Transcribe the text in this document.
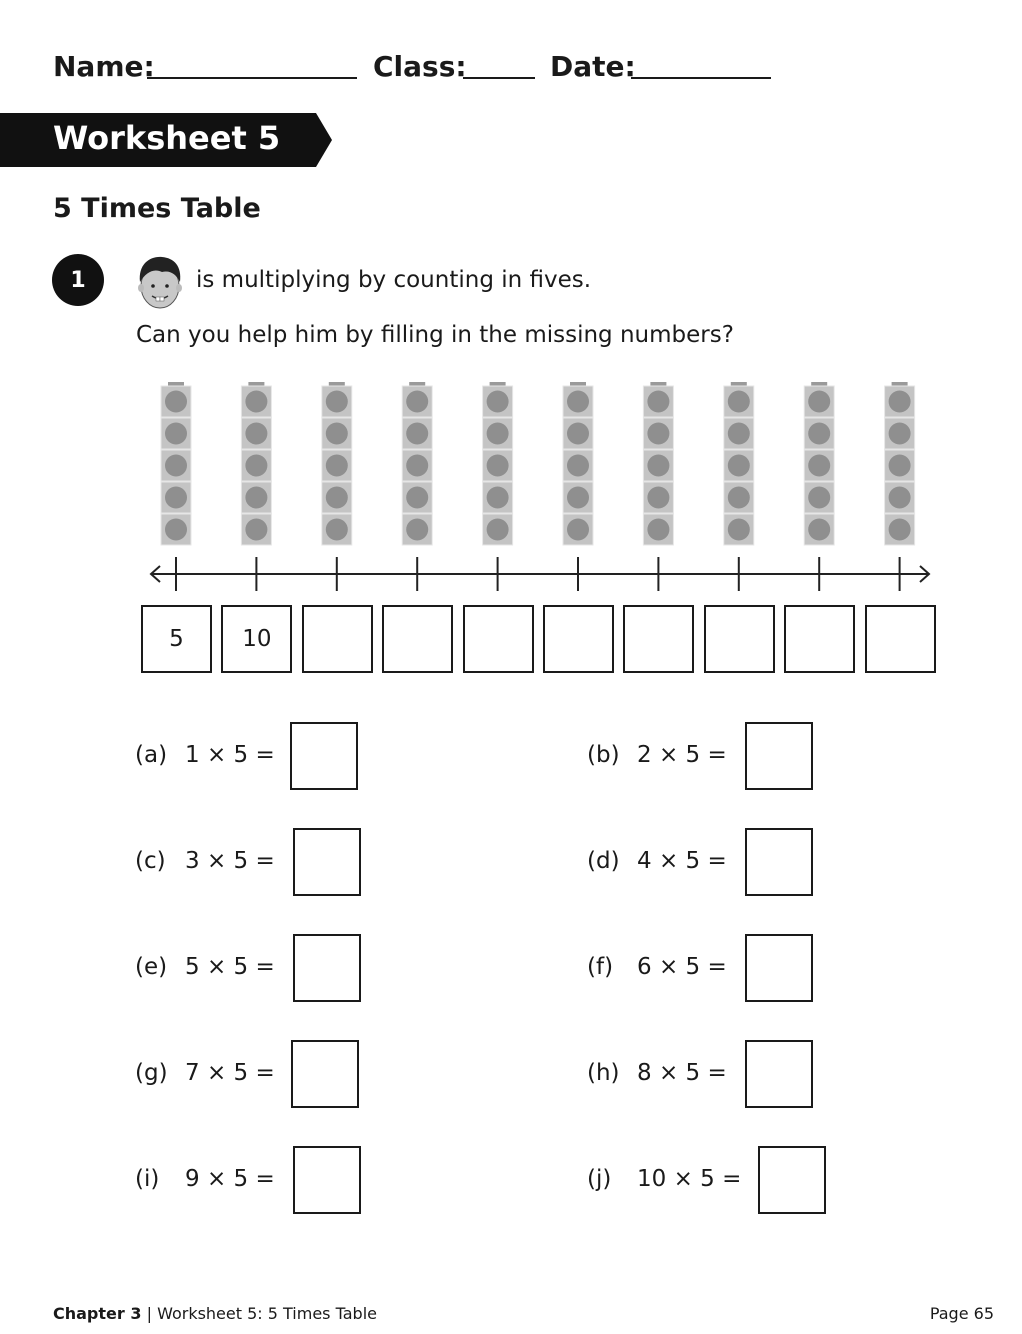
Name:	Class:	Date:
Worksheet 5
5 Times Table
1	is multiplying by counting in fives.
Can you help him by filling in the missing numbers?
5	10
(a) 1 × 5 =	(b) 2 × 5 =
(c) 3 × 5 =	(d) 4 × 5 =
(e) 5 × 5 =	(f) 6 × 5 =
(g) 7 × 5 =	(h) 8 × 5 =
(i) 9 × 5 =	(j) 10 × 5 =
Chapter 3 | Worksheet 5: 5 Times Table	Page 65
